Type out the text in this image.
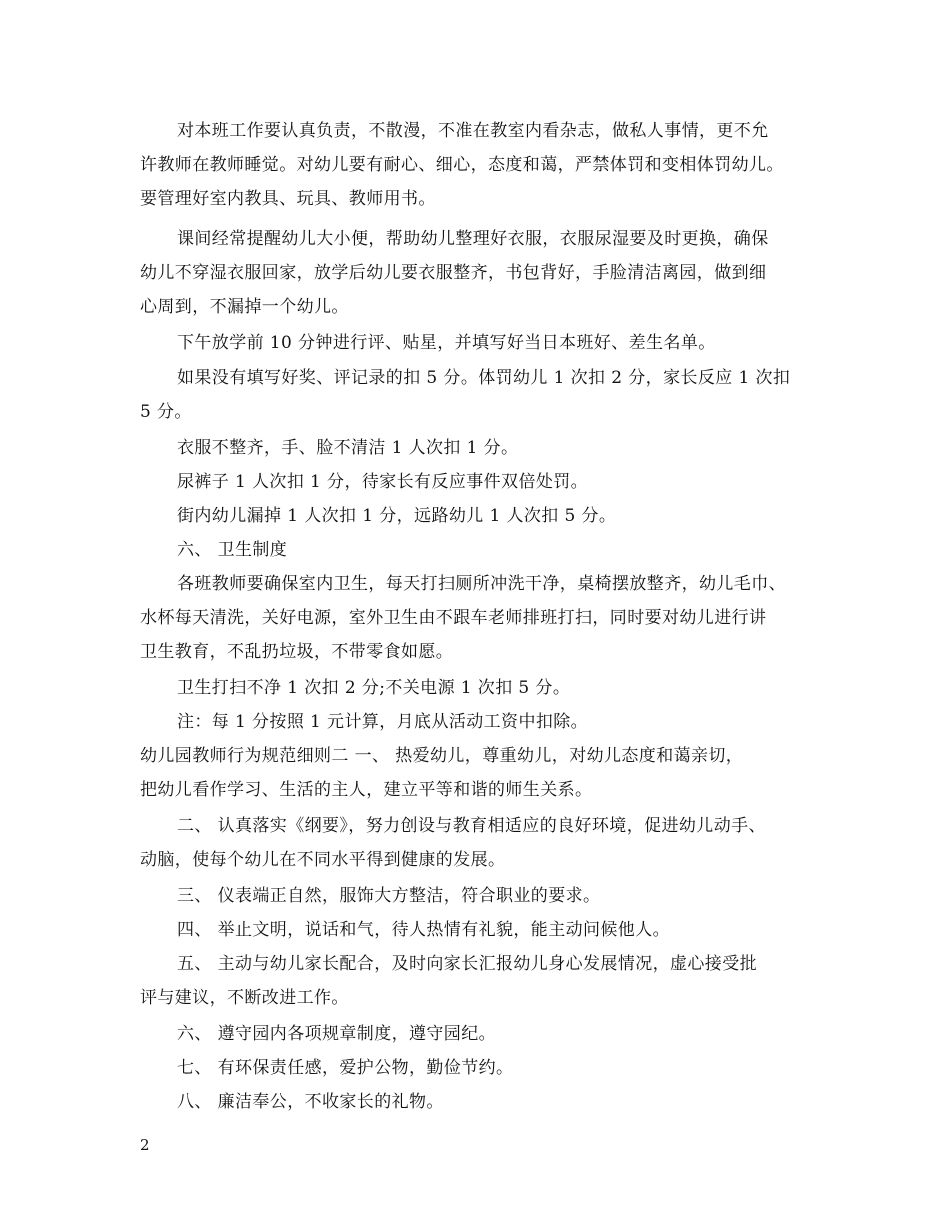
对本班工作要认真负责，不散漫，不准在教室内看杂志，做私人事情，更不允
许教师在教师睡觉。对幼儿要有耐心、细心，态度和蔼，严禁体罚和变相体罚幼儿。
要管理好室内教具、玩具、教师用书。
课间经常提醒幼儿大小便，帮助幼儿整理好衣服，衣服尿湿要及时更换，确保
幼儿不穿湿衣服回家，放学后幼儿要衣服整齐，书包背好，手脸清洁离园，做到细
心周到，不漏掉一个幼儿。
下午放学前 10 分钟进行评、贴星，并填写好当日本班好、差生名单。
如果没有填写好奖、评记录的扣 5 分。体罚幼儿 1 次扣 2 分，家长反应 1 次扣
5 分。
衣服不整齐，手、脸不清洁 1 人次扣 1 分。
尿裤子 1 人次扣 1 分，待家长有反应事件双倍处罚。
街内幼儿漏掉 1 人次扣 1 分，远路幼儿 1 人次扣 5 分。
六、 卫生制度
各班教师要确保室内卫生，每天打扫厕所冲洗干净，桌椅摆放整齐，幼儿毛巾、
水杯每天清洗，关好电源，室外卫生由不跟车老师排班打扫，同时要对幼儿进行讲
卫生教育，不乱扔垃圾，不带零食如愿。
卫生打扫不净 1 次扣 2 分;不关电源 1 次扣 5 分。
注：每 1 分按照 1 元计算，月底从活动工资中扣除。
幼儿园教师行为规范细则二 一、 热爱幼儿，尊重幼儿，对幼儿态度和蔼亲切，
把幼儿看作学习、生活的主人，建立平等和谐的师生关系。
二、 认真落实《纲要》，努力创设与教育相适应的良好环境，促进幼儿动手、
动脑，使每个幼儿在不同水平得到健康的发展。
三、 仪表端正自然，服饰大方整洁，符合职业的要求。
四、 举止文明，说话和气，待人热情有礼貌，能主动问候他人。
五、 主动与幼儿家长配合，及时向家长汇报幼儿身心发展情况，虚心接受批
评与建议，不断改进工作。
六、 遵守园内各项规章制度，遵守园纪。
七、 有环保责任感，爱护公物，勤俭节约。
八、 廉洁奉公，不收家长的礼物。
2
